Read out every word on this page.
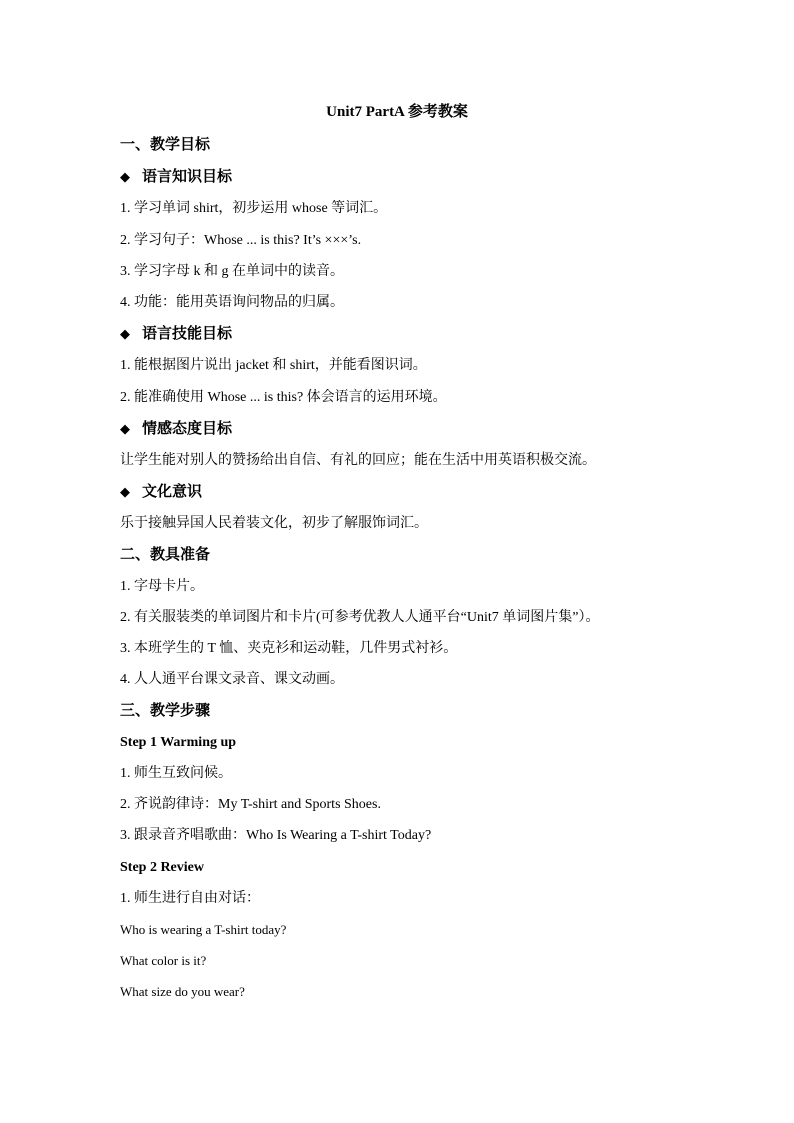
Unit7 PartA 参考教案
一、教学目标
◆ 语言知识目标
1. 学习单词 shirt，初步运用 whose 等词汇。
2. 学习句子：Whose ... is this? It’s ×××’s.
3. 学习字母 k 和 g 在单词中的读音。
4. 功能：能用英语询问物品的归属。
◆ 语言技能目标
1. 能根据图片说出 jacket 和 shirt，并能看图识词。
2. 能准确使用 Whose ... is this? 体会语言的运用环境。
◆ 情感态度目标
让学生能对别人的赞扬给出自信、有礼的回应；能在生活中用英语积极交流。
◆ 文化意识
乐于接触异国人民着装文化，初步了解服饰词汇。
二、教具准备
1. 字母卡片。
2. 有关服装类的单词图片和卡片(可参考优教人人通平台“Unit7 单词图片集”）。
3. 本班学生的 T 恤、夹克衫和运动鞋，几件男式衬衫。
4. 人人通平台课文录音、课文动画。
三、教学步骤
Step 1 Warming up
1. 师生互致问候。
2. 齐说韵律诗：My T-shirt and Sports Shoes.
3. 跟录音齐唱歌曲：Who Is Wearing a T-shirt Today?
Step 2 Review
1. 师生进行自由对话：
Who is wearing a T-shirt today?
What color is it?
What size do you wear?
